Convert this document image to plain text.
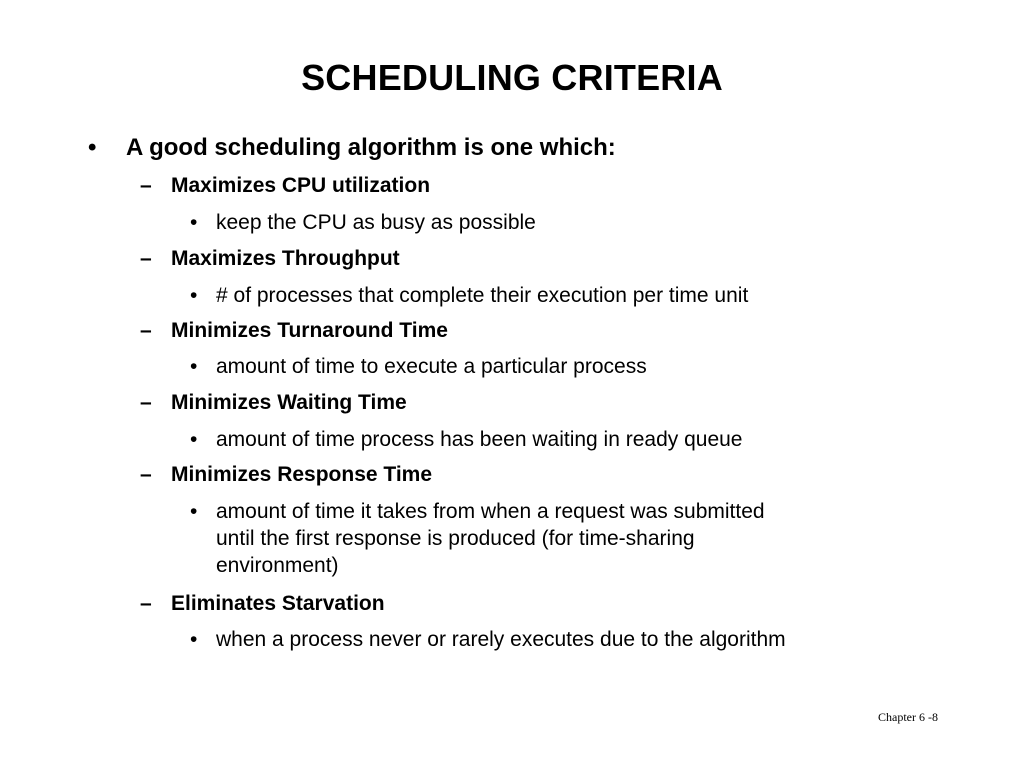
SCHEDULING CRITERIA
•	A good scheduling algorithm is one which:
– Maximizes CPU utilization
• keep the CPU as busy as possible
– Maximizes Throughput
• # of processes that complete their execution per time unit
– Minimizes Turnaround Time
• amount of time to execute a particular process
– Minimizes Waiting Time
• amount of time process has been waiting in ready queue
– Minimizes Response Time
• amount of time it takes from when a request was submitted
until the first response is produced (for time-sharing
environment)
– Eliminates Starvation
• when a process never or rarely executes due to the algorithm
Chapter 6 -8
